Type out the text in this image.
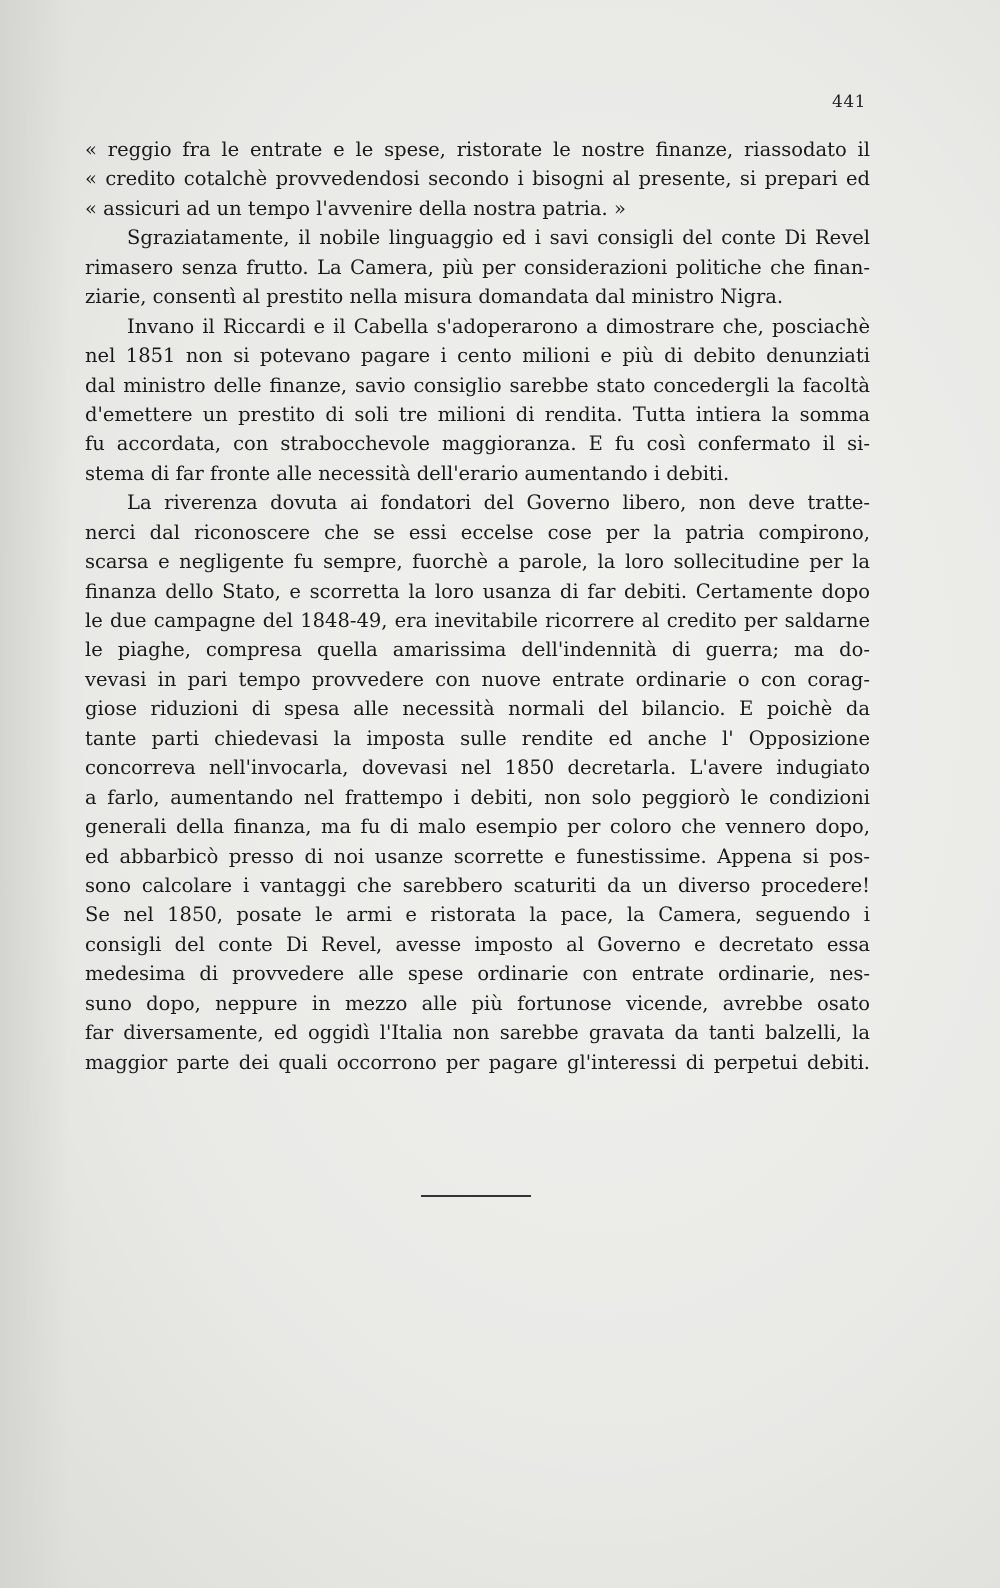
441
« reggio fra le entrate e le spese, ristorate le nostre finanze, riassodato il
« credito cotalchè provvedendosi secondo i bisogni al presente, si prepari ed
« assicuri ad un tempo l'avvenire della nostra patria. »
Sgraziatamente, il nobile linguaggio ed i savi consigli del conte Di Revel
rimasero senza frutto. La Camera, più per considerazioni politiche che finan-
ziarie, consentì al prestito nella misura domandata dal ministro Nigra.
Invano il Riccardi e il Cabella s'adoperarono a dimostrare che, posciachè
nel 1851 non si potevano pagare i cento milioni e più di debito denunziati
dal ministro delle finanze, savio consiglio sarebbe stato concedergli la facoltà
d'emettere un prestito di soli tre milioni di rendita. Tutta intiera la somma
fu accordata, con strabocchevole maggioranza. E fu così confermato il si-
stema di far fronte alle necessità dell'erario aumentando i debiti.
La riverenza dovuta ai fondatori del Governo libero, non deve tratte-
nerci dal riconoscere che se essi eccelse cose per la patria compirono,
scarsa e negligente fu sempre, fuorchè a parole, la loro sollecitudine per la
finanza dello Stato, e scorretta la loro usanza di far debiti. Certamente dopo
le due campagne del 1848-49, era inevitabile ricorrere al credito per saldarne
le piaghe, compresa quella amarissima dell'indennità di guerra; ma do-
vevasi in pari tempo provvedere con nuove entrate ordinarie o con corag-
giose riduzioni di spesa alle necessità normali del bilancio. E poichè da
tante parti chiedevasi la imposta sulle rendite ed anche l' Opposizione
concorreva nell'invocarla, dovevasi nel 1850 decretarla. L'avere indugiato
a farlo, aumentando nel frattempo i debiti, non solo peggiorò le condizioni
generali della finanza, ma fu di malo esempio per coloro che vennero dopo,
ed abbarbicò presso di noi usanze scorrette e funestissime. Appena si pos-
sono calcolare i vantaggi che sarebbero scaturiti da un diverso procedere!
Se nel 1850, posate le armi e ristorata la pace, la Camera, seguendo i
consigli del conte Di Revel, avesse imposto al Governo e decretato essa
medesima di provvedere alle spese ordinarie con entrate ordinarie, nes-
suno dopo, neppure in mezzo alle più fortunose vicende, avrebbe osato
far diversamente, ed oggidì l'Italia non sarebbe gravata da tanti balzelli, la
maggior parte dei quali occorrono per pagare gl'interessi di perpetui debiti.
